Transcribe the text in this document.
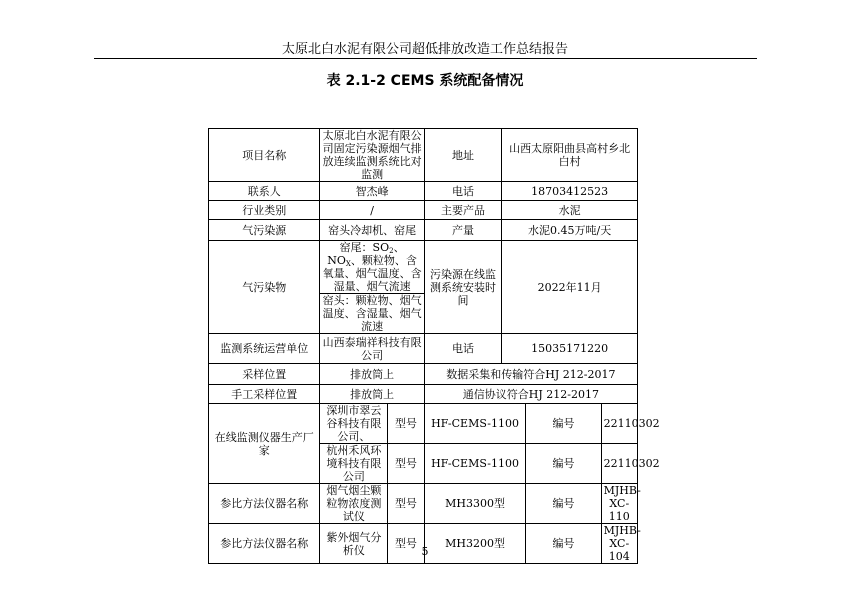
太原北白水泥有限公司超低排放改造工作总结报告
表 2.1-2 CEMS 系统配备情况
项目名称	太原北白水泥有限公司固定污染源烟气排放连续监测系统比对监测		地址	山西太原阳曲县高村乡北白村		
联系人	智杰峰		电话	18703412523		
行业类别	/		主要产品	水泥		
气污染源	窑头冷却机、窑尾		产量	水泥0.45万吨/天		
气污染物	窑尾：$SO_2$、$NO_X$、颗粒物、含氧量、烟气温度、含湿量、烟气流速		污染源在线监测系统安装时间	2022年11月		
	窑头：颗粒物、烟气温度、含湿量、烟气流速					
监测系统运营单位	山西泰瑞祥科技有限公司		电话	15035171220		
采样位置	排放筒上		数据采集和传输符合HJ 212-2017			
手工采样位置	排放筒上		通信协议符合HJ 212-2017			
在线监测仪器生产厂家	深圳市翠云谷科技有限公司、	型号	HF-CEMS-1100		编号	22110302
	杭州禾风环境科技有限公司	型号	HF-CEMS-1100		编号	22110302
参比方法仪器名称	烟气烟尘颗粒物浓度测试仪	型号	MH3300型		编号	MJHB-XC-110
参比方法仪器名称	紫外烟气分析仪	型号	MH3200型		编号	MJHB-XC-104
5
